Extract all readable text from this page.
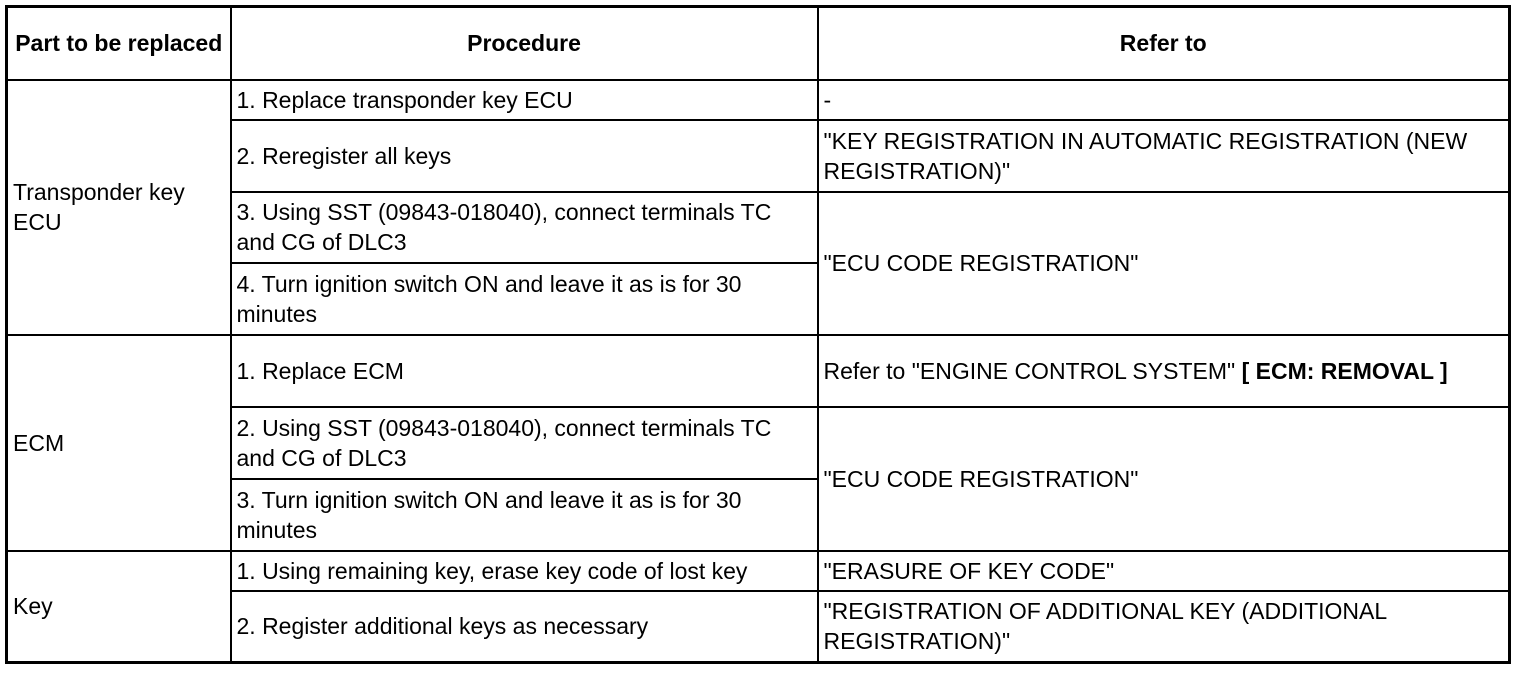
Part to be replaced	Procedure	Refer to
Transponder key ECU	1. Replace transponder key ECU	-
	2. Reregister all keys	"KEY REGISTRATION IN AUTOMATIC REGISTRATION (NEW REGISTRATION)"
	3. Using SST (09843-018040), connect terminals TC and CG of DLC3	"ECU CODE REGISTRATION"
	4. Turn ignition switch ON and leave it as is for 30 minutes	
ECM	1. Replace ECM	Refer to "ENGINE CONTROL SYSTEM" [ ECM: REMOVAL ]
	2. Using SST (09843-018040), connect terminals TC and CG of DLC3	"ECU CODE REGISTRATION"
	3. Turn ignition switch ON and leave it as is for 30 minutes	
Key	1. Using remaining key, erase key code of lost key	"ERASURE OF KEY CODE"
	2. Register additional keys as necessary	"REGISTRATION OF ADDITIONAL KEY (ADDITIONAL REGISTRATION)"
